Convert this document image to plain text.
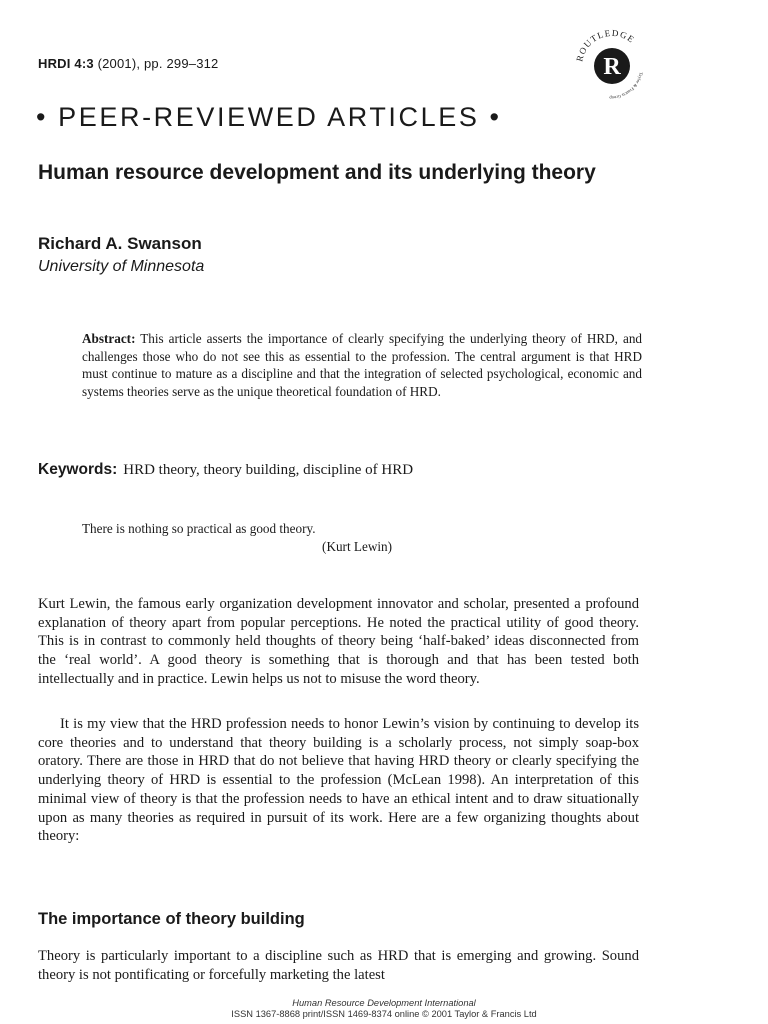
HRDI 4:3 (2001), pp. 299–312	R
ROUTLEDGE
Taylor & Francis Group
• PEER-REVIEWED ARTICLES •
Human resource development and its underlying theory
Richard A. Swanson
University of Minnesota
Abstract: This article asserts the importance of clearly specifying the underlying theory of HRD, and challenges those who do not see this as essential to the profession. The central argument is that HRD must continue to mature as a discipline and that the integration of selected psychological, economic and systems theories serve as the unique theoretical foundation of HRD.
Keywords: HRD theory, theory building, discipline of HRD
There is nothing so practical as good theory.
(Kurt Lewin)
Kurt Lewin, the famous early organization development innovator and scholar, presented a profound explanation of theory apart from popular perceptions. He noted the practical utility of good theory. This is in contrast to commonly held thoughts of theory being ‘half-baked’ ideas disconnected from the ‘real world’. A good theory is something that is thorough and that has been tested both intellectually and in practice. Lewin helps us not to misuse the word theory.
It is my view that the HRD profession needs to honor Lewin’s vision by continuing to develop its core theories and to understand that theory building is a scholarly process, not simply soap-box oratory. There are those in HRD that do not believe that having HRD theory or clearly specifying the underlying theory of HRD is essential to the profession (McLean 1998). An interpretation of this minimal view of theory is that the profession needs to have an ethical intent and to draw situationally upon as many theories as required in pursuit of its work. Here are a few organizing thoughts about theory:
The importance of theory building
Theory is particularly important to a discipline such as HRD that is emerging and growing. Sound theory is not pontificating or forcefully marketing the latest
Human Resource Development International
ISSN 1367-8868 print/ISSN 1469-8374 online © 2001 Taylor & Francis Ltd
